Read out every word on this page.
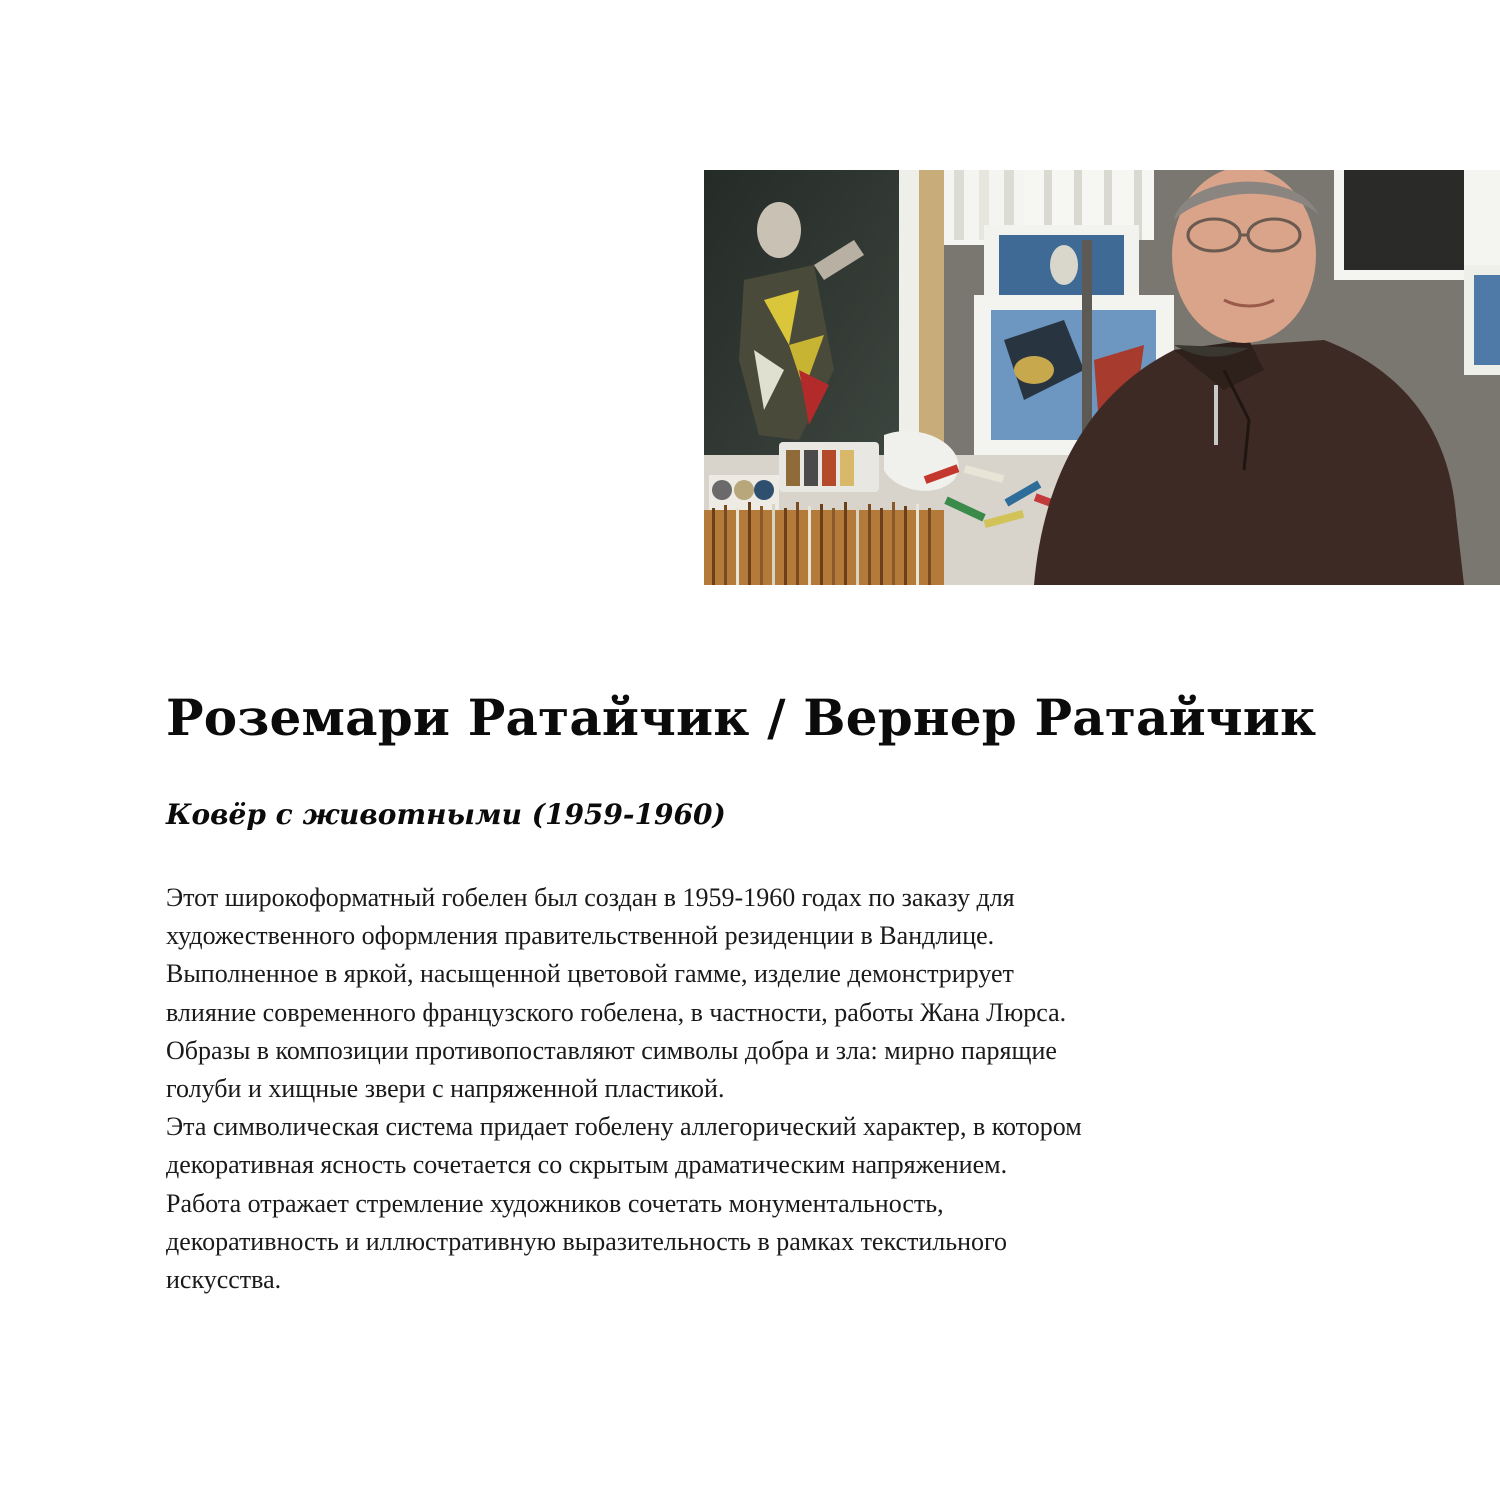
Роземари Ратайчик / Вернер Ратайчик
Ковёр с животными (1959-1960)
Этот широкоформатный гобелен был создан в 1959-1960 годах по заказу для
художественного оформления правительственной резиденции в Вандлице.
Выполненное в яркой, насыщенной цветовой гамме, изделие демонстрирует
влияние современного французского гобелена, в частности, работы Жана Люрса.
Образы в композиции противопоставляют символы добра и зла: мирно парящие
голуби и хищные звери с напряженной пластикой.
Эта символическая система придает гобелену аллегорический характер, в котором
декоративная ясность сочетается со скрытым драматическим напряжением.
Работа отражает стремление художников сочетать монументальность,
декоративность и иллюстративную выразительность в рамках текстильного
искусства.
